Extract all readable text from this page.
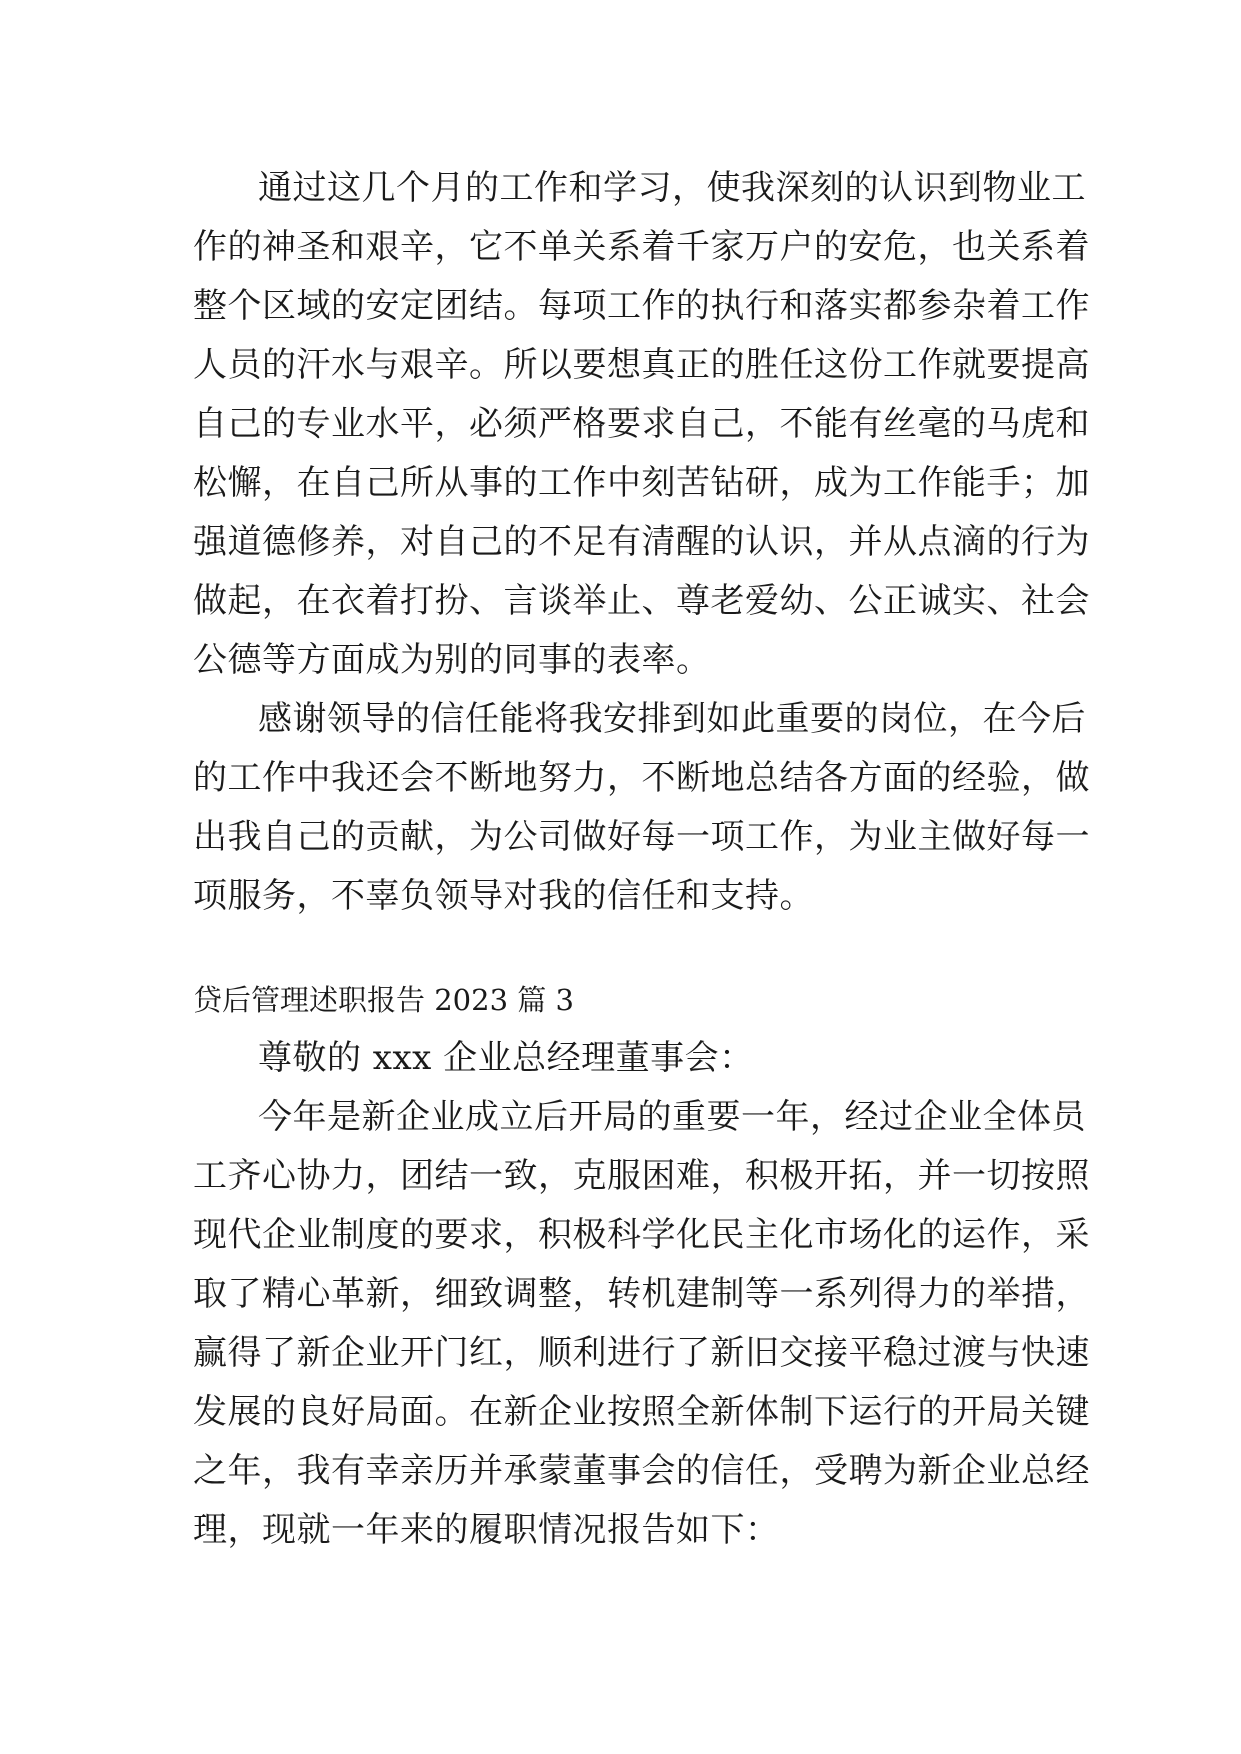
通过这几个月的工作和学习，使我深刻的认识到物业工
作的神圣和艰辛，它不单关系着千家万户的安危，也关系着
整个区域的安定团结。每项工作的执行和落实都参杂着工作
人员的汗水与艰辛。所以要想真正的胜任这份工作就要提高
自己的专业水平，必须严格要求自己，不能有丝毫的马虎和
松懈，在自己所从事的工作中刻苦钻研，成为工作能手；加
强道德修养，对自己的不足有清醒的认识，并从点滴的行为
做起，在衣着打扮、言谈举止、尊老爱幼、公正诚实、社会
公德等方面成为别的同事的表率。
感谢领导的信任能将我安排到如此重要的岗位，在今后
的工作中我还会不断地努力，不断地总结各方面的经验，做
出我自己的贡献，为公司做好每一项工作，为业主做好每一
项服务，不辜负领导对我的信任和支持。
贷后管理述职报告 2023 篇 3
尊敬的 xxx 企业总经理董事会：
今年是新企业成立后开局的重要一年，经过企业全体员
工齐心协力，团结一致，克服困难，积极开拓，并一切按照
现代企业制度的要求，积极科学化民主化市场化的运作，采
取了精心革新，细致调整，转机建制等一系列得力的举措，
赢得了新企业开门红，顺利进行了新旧交接平稳过渡与快速
发展的良好局面。在新企业按照全新体制下运行的开局关键
之年，我有幸亲历并承蒙董事会的信任，受聘为新企业总经
理，现就一年来的履职情况报告如下：
